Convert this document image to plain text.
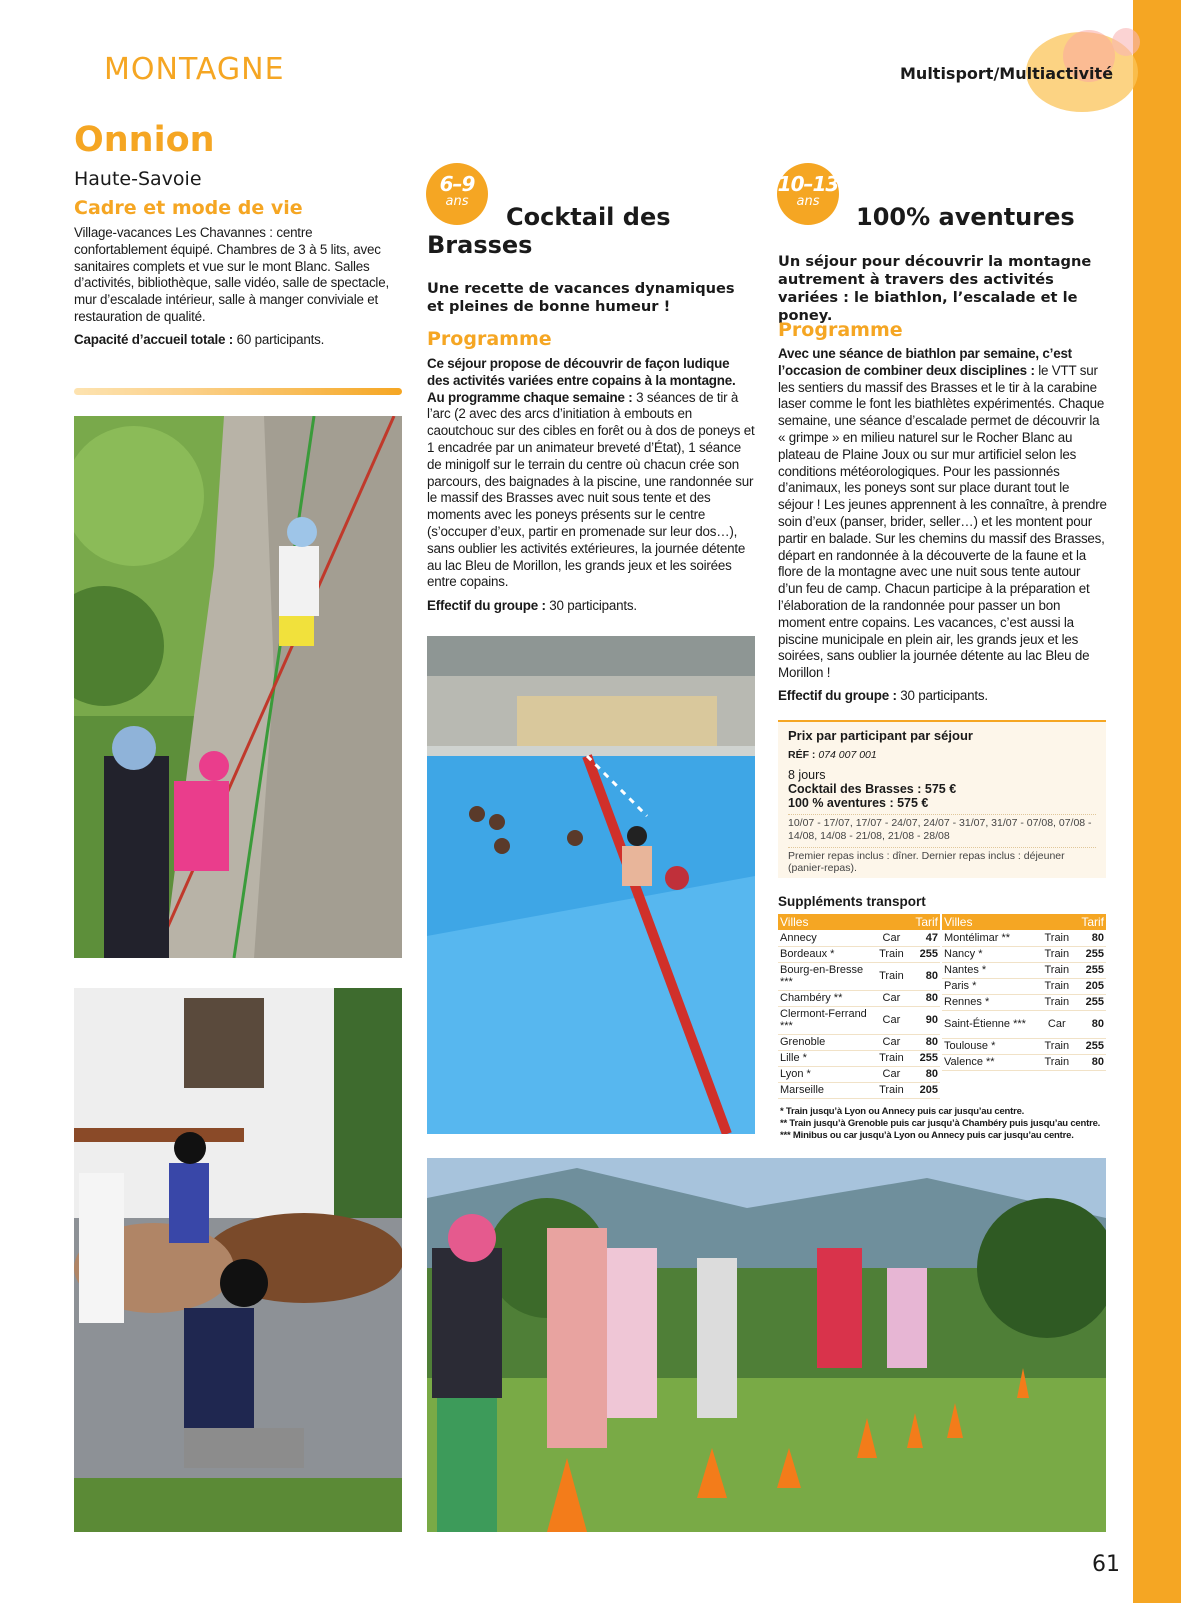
MONTAGNE	Multisport/Multiactivité
Onnion
Haute-Savoie
Cadre et mode de vie
Village-vacances Les Chavannes : centre confortablement équipé. Chambres de 3 à 5 lits, avec sanitaires complets et vue sur le mont Blanc. Salles d’activités, bibliothèque, salle vidéo, salle de spectacle, mur d’escalade intérieur, salle à manger conviviale et restauration de qualité.
Capacité d’accueil totale : 60 participants.
6–9
ans
Cocktail des Brasses
Une recette de vacances dynamiques et pleines de bonne humeur !
Programme
Ce séjour propose de découvrir de façon ludique des activités variées entre copains à la montagne. Au programme chaque semaine : 3 séances de tir à l’arc (2 avec des arcs d’initiation à embouts en caoutchouc sur des cibles en forêt ou à dos de poneys et 1 encadrée par un animateur breveté d’État), 1 séance de minigolf sur le terrain du centre où chacun crée son parcours, des baignades à la piscine, une randonnée sur le massif des Brasses avec nuit sous tente et des moments avec les poneys présents sur le centre (s’occuper d’eux, partir en promenade sur leur dos…), sans oublier les activités extérieures, la journée détente au lac Bleu de Morillon, les grands jeux et les soirées entre copains.
Effectif du groupe : 30 participants.
10–13
ans
100% aventures
Un séjour pour découvrir la montagne autrement à travers des activités variées : le biathlon, l’escalade et le poney.
Programme
Avec une séance de biathlon par semaine, c’est l’occasion de combiner deux disciplines : le VTT sur les sentiers du massif des Brasses et le tir à la carabine laser comme le font les biathlètes expérimentés. Chaque semaine, une séance d’escalade permet de découvrir la « grimpe » en milieu naturel sur le Rocher Blanc au plateau de Plaine Joux ou sur mur artificiel selon les conditions météorologiques. Pour les passionnés d’animaux, les poneys sont sur place durant tout le séjour ! Les jeunes apprennent à les connaître, à prendre soin d’eux (panser, brider, seller…) et les montent pour partir en balade. Sur les chemins du massif des Brasses, départ en randonnée à la découverte de la faune et la flore de la montagne avec une nuit sous tente autour d’un feu de camp. Chacun participe à la préparation et l’élaboration de la randonnée pour passer un bon moment entre copains. Les vacances, c’est aussi la piscine municipale en plein air, les grands jeux et les soirées, sans oublier la journée détente au lac Bleu de Morillon !
Effectif du groupe : 30 participants.
Prix par participant par séjour
RÉF : 074 007 001
8 jours
Cocktail des Brasses : 575 €
100 % aventures : 575 €
10/07 - 17/07, 17/07 - 24/07, 24/07 - 31/07, 31/07 - 07/08, 07/08 - 14/08, 14/08 - 21/08, 21/08 - 28/08
Premier repas inclus : dîner. Dernier repas inclus : déjeuner (panier-repas).
Suppléments transport
Villes		Tarif
Annecy	Car	47
Bordeaux *	Train	255
Bourg-en-Bresse ***	Train	80
Chambéry **	Car	80
Clermont-Ferrand ***	Car	90
Grenoble	Car	80
Lille *	Train	255
Lyon *	Car	80
Marseille	Train	205
Villes		Tarif
Montélimar **	Train	80
Nancy *	Train	255
Nantes *	Train	255
Paris *	Train	205
Rennes *	Train	255
Saint-Étienne ***	Car	80
Toulouse *	Train	255
Valence **	Train	80
* Train jusqu’à Lyon ou Annecy puis car jusqu’au centre.
** Train jusqu’à Grenoble puis car jusqu’à Chambéry puis jusqu’au centre.
*** Minibus ou car jusqu’à Lyon ou Annecy puis car jusqu’au centre.
61
